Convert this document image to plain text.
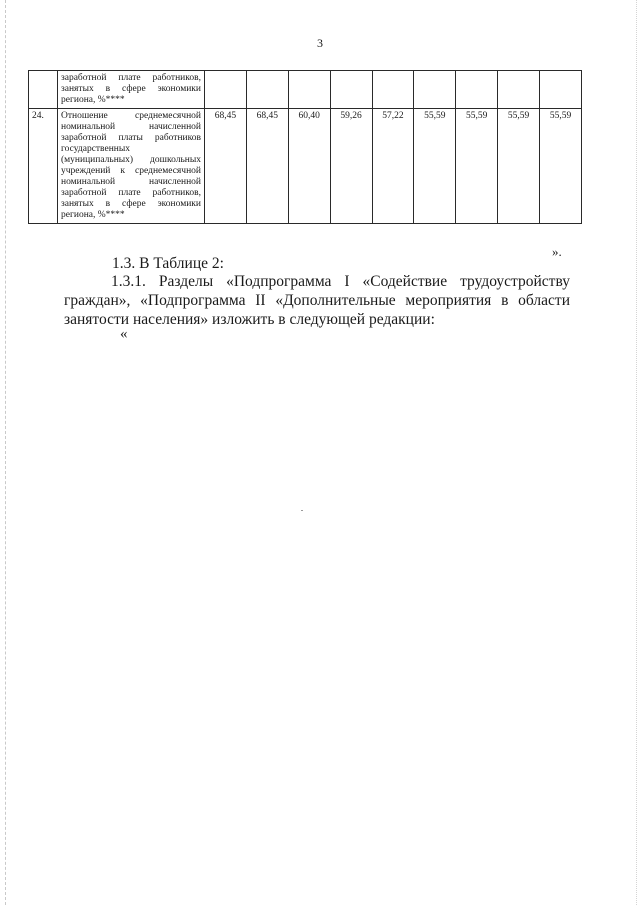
3
	заработной плате работников, занятых в сфере экономики региона, %****									
24.	Отношение среднемесячной номинальной начисленной заработной платы работников государственных (муниципальных) дошкольных учреждений к среднемесячной номинальной начисленной заработной плате работников, занятых в сфере экономики региона, %****	68,45	68,45	60,40	59,26	57,22	55,59	55,59	55,59	55,59
».
1.3. В Таблице 2:
1.3.1. Разделы «Подпрограмма I «Содействие трудоустройству
граждан», «Подпрограмма II «Дополнительные мероприятия в области
занятости населения» изложить в следующей редакции:
«
